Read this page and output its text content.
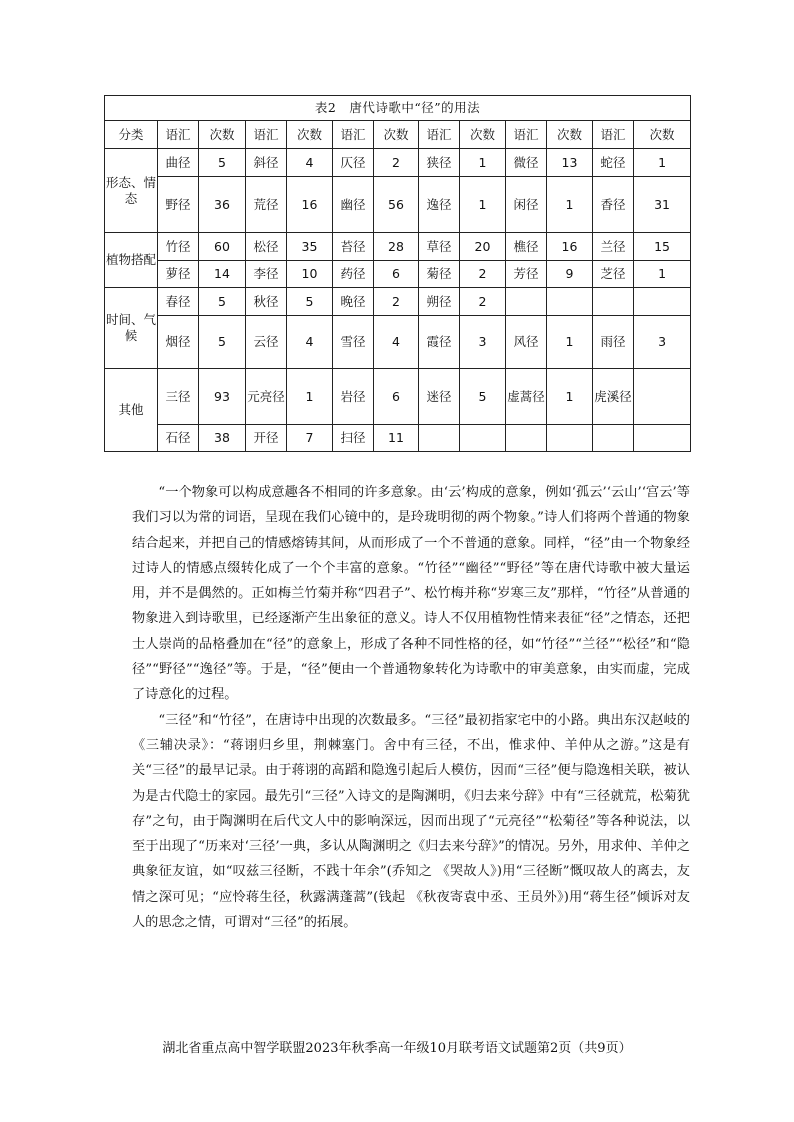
表2　唐代诗歌中“径”的用法												
分类	语汇	次数	语汇	次数	语汇	次数	语汇	次数	语汇	次数	语汇	次数
形态、情态	曲径	5	斜径	4	仄径	2	狭径	1	微径	13	蛇径	1
	野径	36	荒径	16	幽径	56	逸径	1	闲径	1	香径	31
植物搭配	竹径	60	松径	35	苔径	28	草径	20	樵径	16	兰径	15
	萝径	14	李径	10	药径	6	菊径	2	芳径	9	芝径	1
时间、气候	春径	5	秋径	5	晚径	2	朔径	2				
	烟径	5	云径	4	雪径	4	霞径	3	风径	1	雨径	3
其他	三径	93	元亮径	1	岩径	6	迷径	5	虚蒿径	1	虎溪径	
	石径	38	开径	7	扫径	11						

“一个物象可以构成意趣各不相同的许多意象。由‘云’构成的意象，例如‘孤云’‘云山’‘宫云’等我们习以为常的词语，呈现在我们心镜中的，是玲珑明彻的两个物象。”诗人们将两个普通的物象结合起来，并把自己的情感熔铸其间，从而形成了一个不普通的意象。同样，“径”由一个物象经过诗人的情感点缀转化成了一个个丰富的意象。“竹径”“幽径”“野径”等在唐代诗歌中被大量运用，并不是偶然的。正如梅兰竹菊并称“四君子”、松竹梅并称“岁寒三友”那样，“竹径”从普通的物象进入到诗歌里，已经逐渐产生出象征的意义。诗人不仅用植物性情来表征“径”之情态，还把士人崇尚的品格叠加在“径”的意象上，形成了各种不同性格的径，如“竹径”“兰径”“松径”和“隐径”“野径”“逸径”等。于是，“径”便由一个普通物象转化为诗歌中的审美意象，由实而虚，完成了诗意化的过程。

“三径”和“竹径”，在唐诗中出现的次数最多。“三径”最初指家宅中的小路。典出东汉赵岐的《三辅决录》：“蒋诩归乡里，荆棘塞门。舍中有三径，不出，惟求仲、羊仲从之游。”这是有关“三径”的最早记录。由于蒋诩的高蹈和隐逸引起后人模仿，因而“三径”便与隐逸相关联，被认为是古代隐士的家园。最先引“三径”入诗文的是陶渊明，《归去来兮辞》中有“三径就荒，松菊犹存”之句，由于陶渊明在后代文人中的影响深远，因而出现了“元亮径”“松菊径”等各种说法，以至于出现了“历来对‘三径’一典，多认从陶渊明之《归去来兮辞》”的情况。另外，用求仲、羊仲之典象征友谊，如“叹兹三径断，不践十年余”(乔知之 《哭故人》)用“三径断”慨叹故人的离去，友情之深可见；“应怜蒋生径，秋露满蓬蒿”(钱起 《秋夜寄袁中丞、王员外》)用“蒋生径”倾诉对友人的思念之情，可谓对“三径”的拓展。

湖北省重点高中智学联盟2023年秋季高一年级10月联考语文试题第2页（共9页）
